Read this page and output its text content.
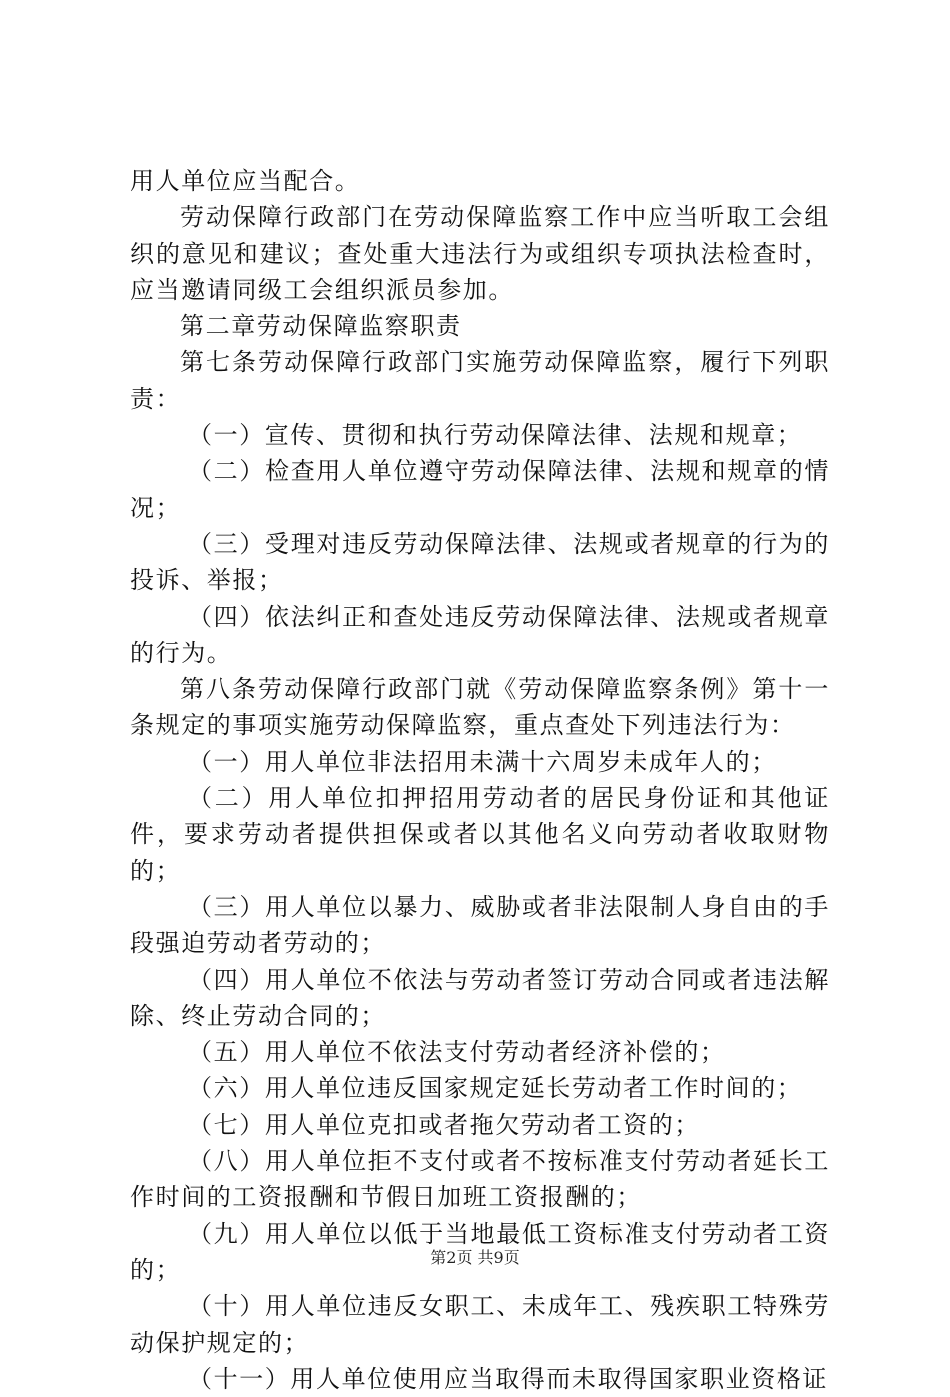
用人单位应当配合。

劳动保障行政部门在劳动保障监察工作中应当听取工会组织的意见和建议；查处重大违法行为或组织专项执法检查时，应当邀请同级工会组织派员参加。

第二章劳动保障监察职责

第七条劳动保障行政部门实施劳动保障监察，履行下列职责：

（一）宣传、贯彻和执行劳动保障法律、法规和规章；

（二）检查用人单位遵守劳动保障法律、法规和规章的情况；

（三）受理对违反劳动保障法律、法规或者规章的行为的投诉、举报；

（四）依法纠正和查处违反劳动保障法律、法规或者规章的行为。

第八条劳动保障行政部门就《劳动保障监察条例》第十一条规定的事项实施劳动保障监察，重点查处下列违法行为：

（一）用人单位非法招用未满十六周岁未成年人的；

（二）用人单位扣押招用劳动者的居民身份证和其他证件，要求劳动者提供担保或者以其他名义向劳动者收取财物的；

（三）用人单位以暴力、威胁或者非法限制人身自由的手段强迫劳动者劳动的；

（四）用人单位不依法与劳动者签订劳动合同或者违法解除、终止劳动合同的；

（五）用人单位不依法支付劳动者经济补偿的；

（六）用人单位违反国家规定延长劳动者工作时间的；

（七）用人单位克扣或者拖欠劳动者工资的；

（八）用人单位拒不支付或者不按标准支付劳动者延长工作时间的工资报酬和节假日加班工资报酬的；

（九）用人单位以低于当地最低工资标准支付劳动者工资的；

（十）用人单位违反女职工、未成年工、残疾职工特殊劳动保护规定的；

（十一）用人单位使用应当取得而未取得国家职业资格证

第2页 共9页
